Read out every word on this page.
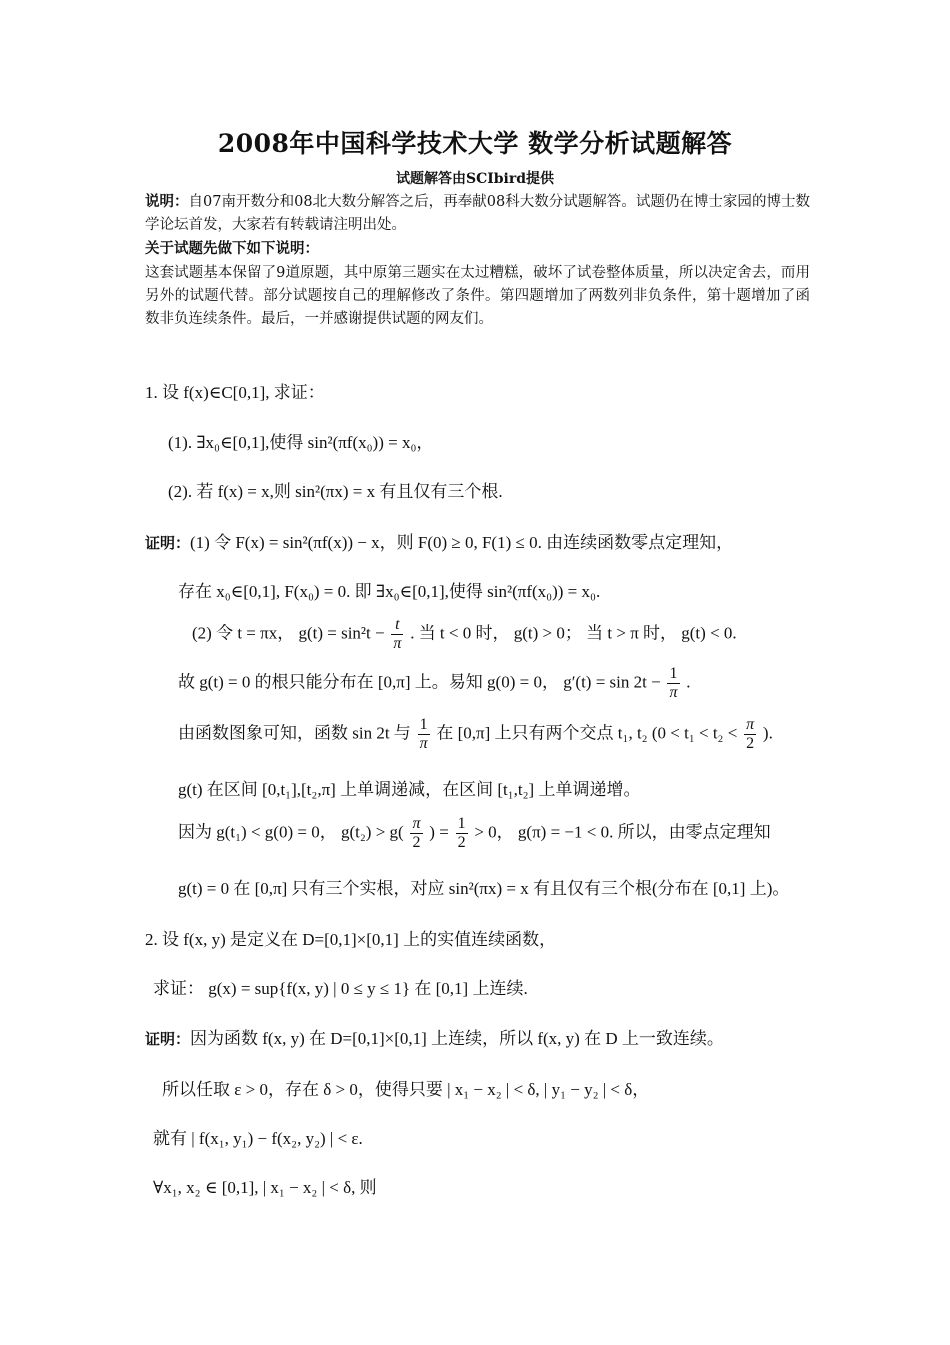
2008年中国科学技术大学 数学分析试题解答
试题解答由SCIbird提供
说明：自07南开数分和08北大数分解答之后，再奉献08科大数分试题解答。试题仍在博士家园的博士数学论坛首发，大家若有转载请注明出处。
关于试题先做下如下说明：
这套试题基本保留了9道原题，其中原第三题实在太过糟糕，破坏了试卷整体质量，所以决定舍去，而用另外的试题代替。部分试题按自己的理解修改了条件。第四题增加了两数列非负条件，第十题增加了函数非负连续条件。最后，一并感谢提供试题的网友们。
1. 设 f(x)∈C[0,1], 求证：
(1). ∃x₀∈[0,1],使得 sin²(πf(x₀)) = x₀，
(2). 若 f(x) = x,则 sin²(πx) = x 有且仅有三个根.
证明：(1) 令 F(x) = sin²(πf(x)) − x，则 F(0) ≥ 0, F(1) ≤ 0. 由连续函数零点定理知，
存在 x₀∈[0,1], F(x₀) = 0. 即 ∃x₀∈[0,1],使得 sin²(πf(x₀)) = x₀.
(2) 令 t = πx， $g(t) = \sin^2t - \frac{t}{\pi}$ . 当 t < 0 时， g(t) > 0； 当 t > π 时， g(t) < 0.
故 g(t) = 0 的根只能分布在 [0,π] 上。易知 g(0) = 0， $g'(t) = \sin 2t - \frac{1}{\pi}$ .
由函数图象可知，函数 sin 2t 与 $\frac{1}{\pi}$ 在 [0,π] 上只有两个交点 t₁, t₂ ($0 < t_1 < t_2 < \frac{\pi}{2}$ ).
g(t) 在区间 [0,t₁],[t₂,π] 上单调递减，在区间 [t₁,t₂] 上单调递增。
因为 g(t₁) < g(0) = 0， $g(t_2) > g( \frac{\pi}{2}$ ) = $\frac{1}{2} > 0$， g(π) = −1 < 0. 所以，由零点定理知
g(t) = 0 在 [0,π] 只有三个实根，对应 sin²(πx) = x 有且仅有三个根(分布在 [0,1] 上)。
2. 设 f(x, y) 是定义在 D=[0,1]×[0,1] 上的实值连续函数，
求证： g(x) = sup{f(x, y) | 0 ≤ y ≤ 1} 在 [0,1] 上连续.
证明：因为函数 f(x, y) 在 D=[0,1]×[0,1] 上连续，所以 f(x, y) 在 D 上一致连续。
所以任取 ε > 0，存在 δ > 0，使得只要 | x₁ − x₂ | < δ, | y₁ − y₂ | < δ，
就有 | f(x₁, y₁) − f(x₂, y₂) | < ε.
∀x₁, x₂ ∈ [0,1], | x₁ − x₂ | < δ, 则
